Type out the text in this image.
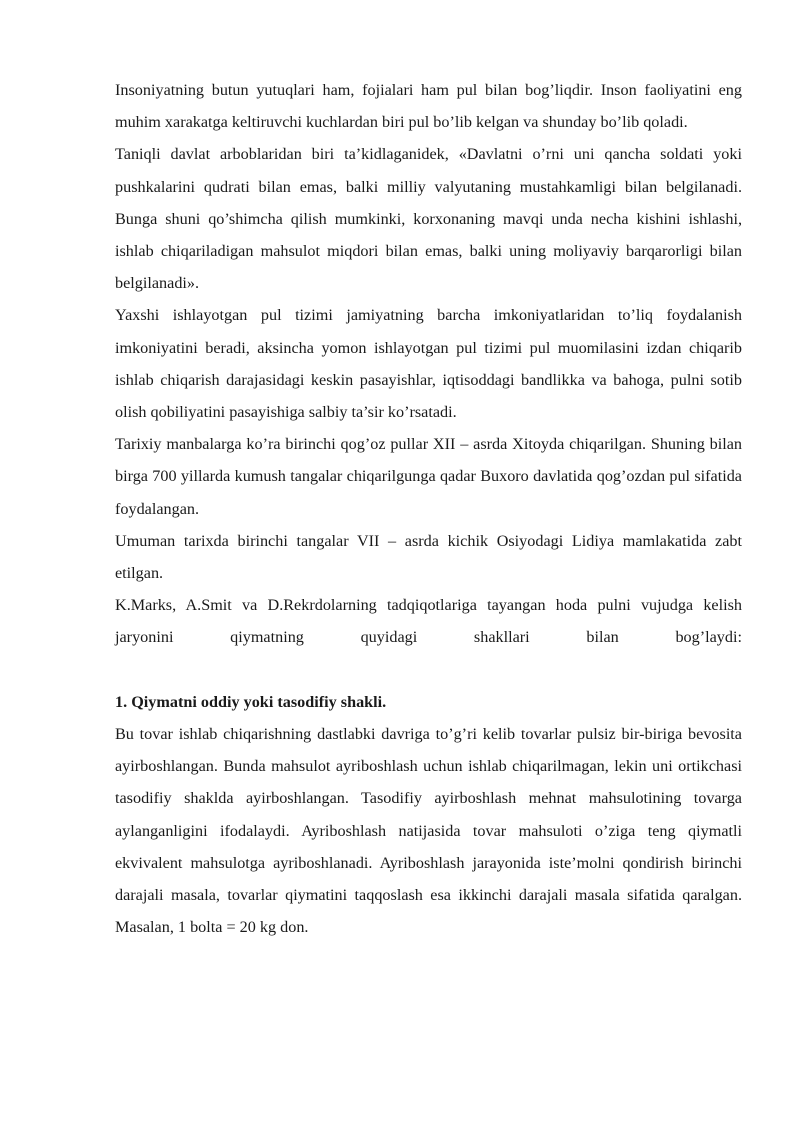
Insoniyatning butun yutuqlari ham, fojialari ham pul bilan bog’liqdir. Inson faoliyatini eng muhim xarakatga keltiruvchi kuchlardan biri pul bo’lib kelgan va shunday bo’lib qoladi.

Taniqli davlat arboblaridan biri ta’kidlaganidek, «Davlatni o’rni uni qancha soldati yoki pushkalarini qudrati bilan emas, balki milliy valyutaning mustahkamligi bilan belgilanadi. Bunga shuni qo’shimcha qilish mumkinki, korxonaning mavqi unda necha kishini ishlashi, ishlab chiqariladigan mahsulot miqdori bilan emas, balki uning moliyaviy barqarorligi bilan belgilanadi».

Yaxshi ishlayotgan pul tizimi jamiyatning barcha imkoniyatlaridan to’liq foydalanish imkoniyatini beradi, aksincha yomon ishlayotgan pul tizimi pul muomilasini izdan chiqarib ishlab chiqarish darajasidagi keskin pasayishlar, iqtisoddagi bandlikka va bahoga, pulni sotib olish qobiliyatini pasayishiga salbiy ta’sir ko’rsatadi.

Tarixiy manbalarga ko’ra birinchi qog’oz pullar XII – asrda Xitoyda chiqarilgan. Shuning bilan birga 700 yillarda kumush tangalar chiqarilgunga qadar Buxoro davlatida qog’ozdan pul sifatida foydalangan.

Umuman tarixda birinchi tangalar VII – asrda kichik Osiyodagi Lidiya mamlakatida zabt etilgan.

K.Marks, A.Smit va D.Rekrdolarning tadqiqotlariga tayangan hoda pulni vujudga kelish jaryonini qiymatning quyidagi shakllari bilan bog’laydi:

1. Qiymatni oddiy yoki tasodifiy shakli.

Bu tovar ishlab chiqarishning dastlabki davriga to’g’ri kelib tovarlar pulsiz bir-biriga bevosita ayirboshlangan. Bunda mahsulot ayriboshlash uchun ishlab chiqarilmagan, lekin uni ortikchasi tasodifiy shaklda ayirboshlangan. Tasodifiy ayirboshlash mehnat mahsulotining tovarga aylanganligini ifodalaydi. Ayriboshlash natijasida tovar mahsuloti o’ziga teng qiymatli ekvivalent mahsulotga ayriboshlanadi. Ayriboshlash jarayonida iste’molni qondirish birinchi darajali masala, tovarlar qiymatini taqqoslash esa ikkinchi darajali masala sifatida qaralgan. Masalan, 1 bolta = 20 kg don.
